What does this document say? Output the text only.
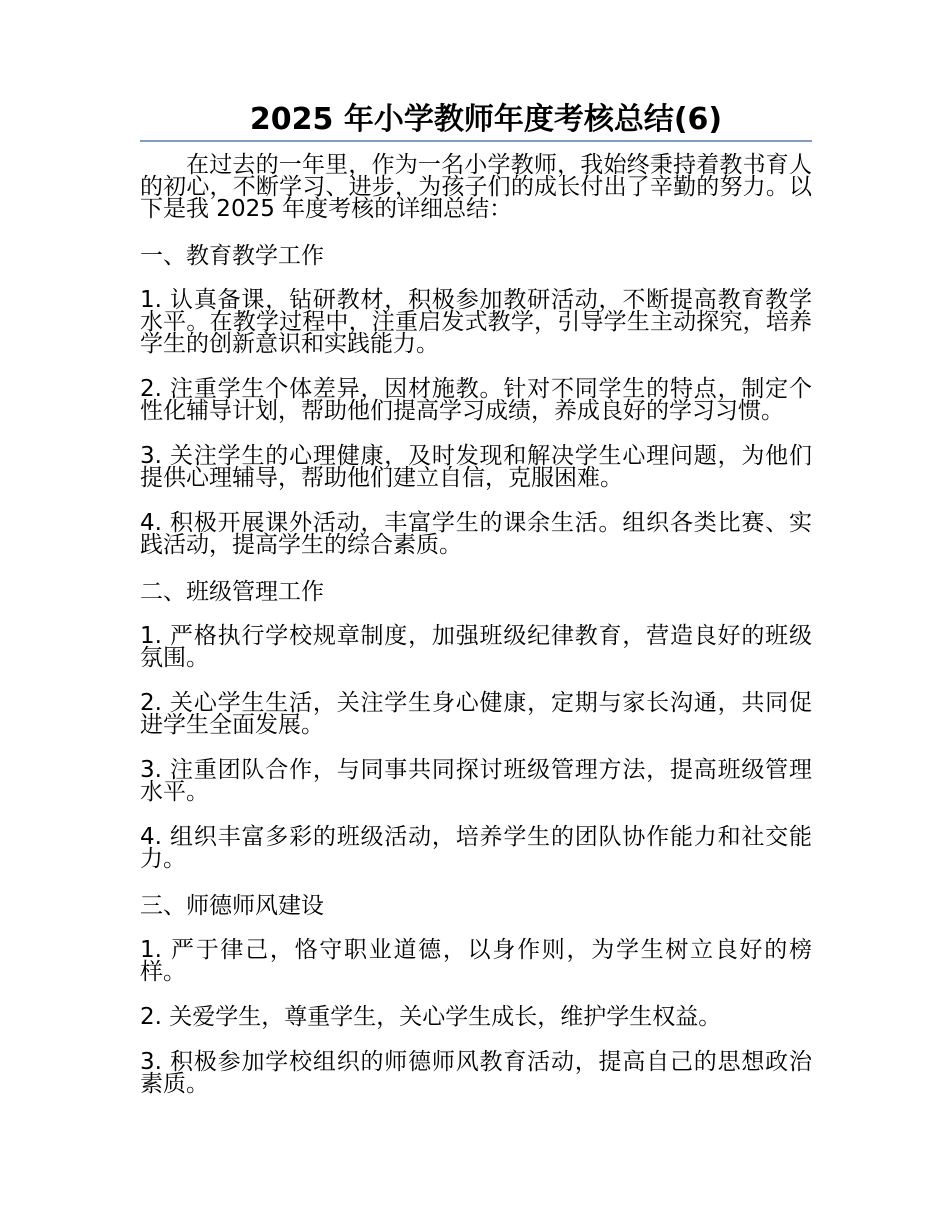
2025 年小学教师年度考核总结(6)

在过去的一年里，作为一名小学教师，我始终秉持着教书育人的初心，不断学习、进步，为孩子们的成长付出了辛勤的努力。以下是我 2025 年度考核的详细总结：

一、教育教学工作

1. 认真备课，钻研教材，积极参加教研活动，不断提高教育教学水平。在教学过程中，注重启发式教学，引导学生主动探究，培养学生的创新意识和实践能力。

2. 注重学生个体差异，因材施教。针对不同学生的特点，制定个性化辅导计划，帮助他们提高学习成绩，养成良好的学习习惯。

3. 关注学生的心理健康，及时发现和解决学生心理问题，为他们提供心理辅导，帮助他们建立自信，克服困难。

4. 积极开展课外活动，丰富学生的课余生活。组织各类比赛、实践活动，提高学生的综合素质。

二、班级管理工作

1. 严格执行学校规章制度，加强班级纪律教育，营造良好的班级氛围。

2. 关心学生生活，关注学生身心健康，定期与家长沟通，共同促进学生全面发展。

3. 注重团队合作，与同事共同探讨班级管理方法，提高班级管理水平。

4. 组织丰富多彩的班级活动，培养学生的团队协作能力和社交能力。

三、师德师风建设

1. 严于律己，恪守职业道德，以身作则，为学生树立良好的榜样。

2. 关爱学生，尊重学生，关心学生成长，维护学生权益。

3. 积极参加学校组织的师德师风教育活动，提高自己的思想政治素质。
